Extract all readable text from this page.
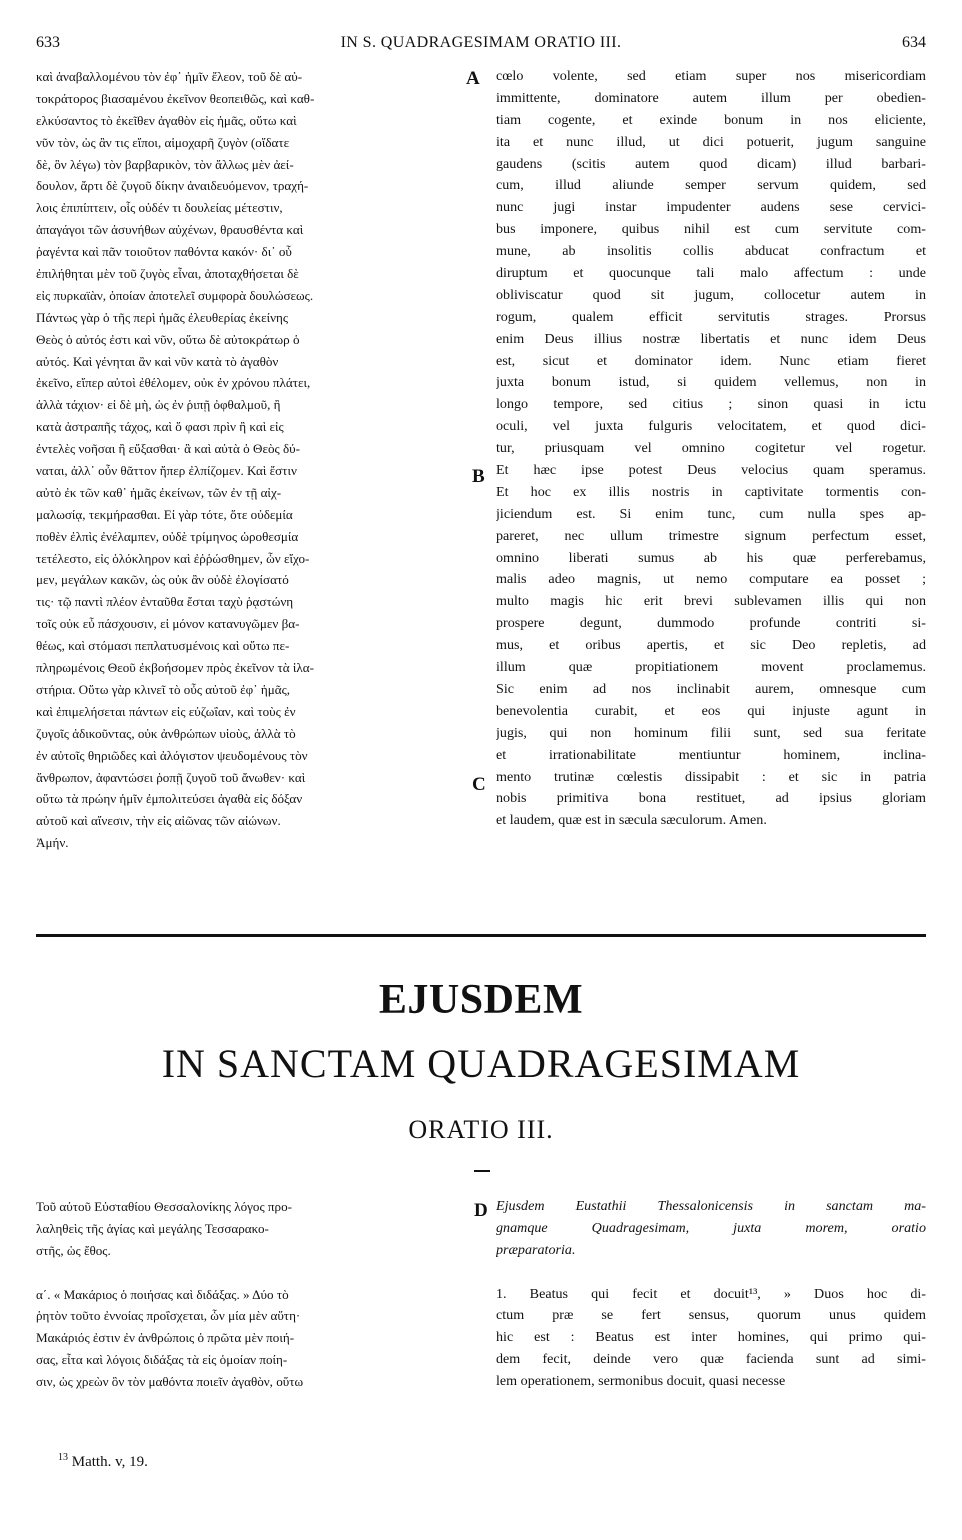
633	IN S. QUADRAGESIMAM ORATIO III.	634
καὶ ἀναβαλλομένου τὸν ἐφ᾽ ἡμῖν ἔλεον, τοῦ δὲ αὐ-
τοκράτορος βιασαμένου ἐκεῖνον θεοπειθῶς, καὶ καθ-
ελκύσαντος τὸ ἐκεῖθεν ἀγαθὸν εἰς ἡμᾶς, οὕτω καὶ
νῦν τὸν, ὡς ἂν τις εἴποι, αἱμοχαρῆ ζυγὸν (οἴδατε
δὲ, ὃν λέγω) τὸν βαρβαρικὸν, τὸν ἄλλως μὲν ἀεί-
δουλον, ἄρτι δὲ ζυγοῦ δίκην ἀναιδευόμενον, τραχή-
λοις ἐπιπίπτειν, οἷς οὐδέν τι δουλείας μέτεστιν,
ἀπαγάγοι τῶν ἀσυνήθων αὐχένων, θραυσθέντα καὶ
ῥαγέντα καὶ πᾶν τοιοῦτον παθόντα κακόν· δι᾽ οὗ
ἐπιλήθηται μὲν τοῦ ζυγὸς εἶναι, ἀποταχθήσεται δὲ
εἰς πυρκαϊὰν, ὁποίαν ἀποτελεῖ συμφορὰ δουλώσεως.
Πάντως γὰρ ὁ τῆς περὶ ἡμᾶς ἐλευθερίας ἐκείνης
Θεὸς ὁ αὐτός ἐστι καὶ νῦν, οὕτω δὲ αὐτοκράτωρ ὁ
αὐτός. Καὶ γένηται ἂν καὶ νῦν κατὰ τὸ ἀγαθὸν
ἐκεῖνο, εἴπερ αὐτοὶ ἐθέλομεν, οὐκ ἐν χρόνου πλάτει,
ἀλλὰ τάχιον· εἰ δὲ μὴ, ὡς ἐν ῥιπῇ ὀφθαλμοῦ, ἢ
κατὰ ἀστραπῆς τάχος, καὶ ὅ φασι πρὶν ἢ καὶ εἰς
ἐντελὲς νοῆσαι ἢ εὔξασθαι· ἃ καὶ αὐτὰ ὁ Θεὸς δύ-
ναται, ἀλλ᾽ οὖν θᾶττον ἤπερ ἐλπίζομεν. Καὶ ἔστιν
αὐτὸ ἐκ τῶν καθ᾽ ἡμᾶς ἐκείνων, τῶν ἐν τῇ αἰχ-
μαλωσίᾳ, τεκμήρασθαι. Εἰ γὰρ τότε, ὅτε οὐδεμία
ποθὲν ἐλπὶς ἐνέλαμπεν, οὐδὲ τρίμηνος ὡροθεσμία
τετέλεστο, εἰς ὁλόκληρον καὶ ἐῤῥώσθημεν, ὧν εἴχο-
μεν, μεγάλων κακῶν, ὡς οὐκ ἂν οὐδὲ ἐλογίσατό
τις· τῷ παντὶ πλέον ἐνταῦθα ἔσται ταχὺ ῥᾳστώνη
τοῖς οὐκ εὖ πάσχουσιν, εἰ μόνον κατανυγῶμεν βα-
θέως, καὶ στόμασι πεπλατυσμένοις καὶ οὕτω πε-
πληρωμένοις Θεοῦ ἐκβοήσομεν πρὸς ἐκεῖνον τὰ ἱλα-
στήρια. Οὕτω γὰρ κλινεῖ τὸ οὖς αὐτοῦ ἐφ᾽ ἡμᾶς,
καὶ ἐπιμελήσεται πάντων εἰς εὐζωΐαν, καὶ τοὺς ἐν
ζυγοῖς ἀδικοῦντας, οὐκ ἀνθρώπων υἱοὺς, ἀλλὰ τὸ
ἐν αὐτοῖς θηριῶδες καὶ ἀλόγιστον ψευδομένους τὸν
ἄνθρωπον, ἀφαντώσει ῥοπῇ ζυγοῦ τοῦ ἄνωθεν· καὶ
οὕτω τὰ πρώην ἡμῖν ἐμπολιτεύσει ἀγαθὰ εἰς δόξαν
αὐτοῦ καὶ αἴνεσιν, τὴν εἰς αἰῶνας τῶν αἰώνων.
Ἀμήν.
cœlo volente, sed etiam super nos misericordiam
immittente, dominatore autem illum per obedien-
tiam cogente, et exinde bonum in nos eliciente,
ita et nunc illud, ut dici potuerit, jugum sanguine
gaudens (scitis autem quod dicam) illud barbari-
cum, illud aliunde semper servum quidem, sed
nunc jugi instar impudenter audens sese cervici-
bus imponere, quibus nihil est cum servitute com-
mune, ab insolitis collis abducat confractum et
diruptum et quocunque tali malo affectum : unde
obliviscatur quod sit jugum, collocetur autem in
rogum, qualem efficit servitutis strages. Prorsus
enim Deus illius nostræ libertatis et nunc idem Deus
est, sicut et dominator idem. Nunc etiam fieret
juxta bonum istud, si quidem vellemus, non in
longo tempore, sed citius ; sinon quasi in ictu
oculi, vel juxta fulguris velocitatem, et quod dici-
tur, priusquam vel omnino cogitetur vel rogetur.
Et hæc ipse potest Deus velocius quam speramus.
Et hoc ex illis nostris in captivitate tormentis con-
jiciendum est. Si enim tunc, cum nulla spes ap-
pareret, nec ullum trimestre signum perfectum esset,
omnino liberati sumus ab his quæ perferebamus,
malis adeo magnis, ut nemo computare ea posset ;
multo magis hic erit brevi sublevamen illis qui non
prospere degunt, dummodo profunde contriti si-
mus, et oribus apertis, et sic Deo repletis, ad
illum quæ propitiationem movent proclamemus.
Sic enim ad nos inclinabit aurem, omnesque cum
benevolentia curabit, et eos qui injuste agunt in
jugis, qui non hominum filii sunt, sed sua feritate
et irrationabilitate mentiuntur hominem, inclina-
mento trutinæ cœlestis dissipabit : et sic in patria
nobis primitiva bona restituet, ad ipsius gloriam
et laudem, quæ est in sæcula sæculorum. Amen.
A
B
C
D
EJUSDEM
IN SANCTAM QUADRAGESIMAM
ORATIO III.
Τοῦ αὐτοῦ Εὐσταθίου Θεσσαλονίκης λόγος προ-
λαληθεὶς τῆς ἁγίας καὶ μεγάλης Τεσσαρακο-
στῆς, ὡς ἔθος.
α΄. « Μακάριος ὁ ποιήσας καὶ διδάξας. » Δύο τὸ
ῥητὸν τοῦτο ἐννοίας προΐσχεται, ὧν μία μὲν αὕτη·
Μακάριός ἐστιν ἐν ἀνθρώποις ὁ πρῶτα μὲν ποιή-
σας, εἶτα καὶ λόγοις διδάξας τὰ εἰς ὁμοίαν ποίη-
σιν, ὡς χρεὼν ὃν τὸν μαθόντα ποιεῖν ἀγαθὸν, οὕτω
Ejusdem Eustathii Thessalonicensis in sanctam ma-
gnamque Quadragesimam, juxta morem, oratio
præparatoria.
1. Beatus qui fecit et docuit¹³, » Duos hoc di-
ctum præ se fert sensus, quorum unus quidem
hic est : Beatus est inter homines, qui primo qui-
dem fecit, deinde vero quæ facienda sunt ad simi-
lem operationem, sermonibus docuit, quasi necesse
$^{13}$ Matth. v, 19.
